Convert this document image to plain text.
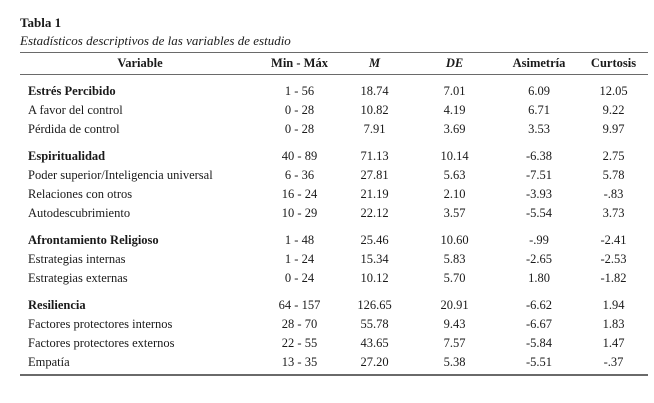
Tabla 1
Estadísticos descriptivos de las variables de estudio
Variable	Min - Máx	M	DE	Asimetría	Curtosis

Estrés Percibido	1 - 56	18.74	7.01	6.09	12.05
A favor del control	0 - 28	10.82	4.19	6.71	9.22
Pérdida de control	0 - 28	7.91	3.69	3.53	9.97

Espiritualidad	40 - 89	71.13	10.14	-6.38	2.75
Poder superior/Inteligencia universal	6 - 36	27.81	5.63	-7.51	5.78
Relaciones con otros	16 - 24	21.19	2.10	-3.93	-.83
Autodescubrimiento	10 - 29	22.12	3.57	-5.54	3.73

Afrontamiento Religioso	1 - 48	25.46	10.60	-.99	-2.41
Estrategias internas	1 - 24	15.34	5.83	-2.65	-2.53
Estrategias externas	0 - 24	10.12	5.70	1.80	-1.82

Resiliencia	64 - 157	126.65	20.91	-6.62	1.94
Factores protectores internos	28 - 70	55.78	9.43	-6.67	1.83
Factores protectores externos	22 - 55	43.65	7.57	-5.84	1.47
Empatía	13 - 35	27.20	5.38	-5.51	-.37
